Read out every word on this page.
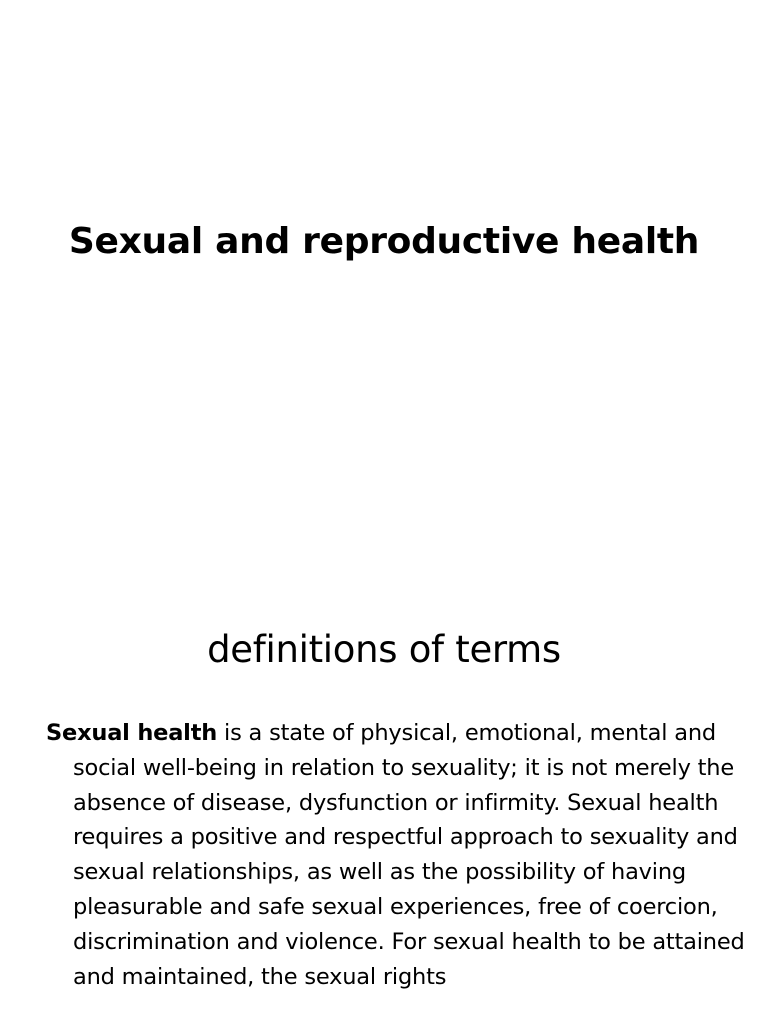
Sexual and reproductive health
definitions of terms

Sexual health is a state of physical, emotional, mental and social well-being in relation to sexuality; it is not merely the absence of disease, dysfunction or infirmity. Sexual health requires a positive and respectful approach to sexuality and sexual relationships, as well as the possibility of having pleasurable and safe sexual experiences, free of coercion, discrimination and violence. For sexual health to be attained and maintained, the sexual rights
